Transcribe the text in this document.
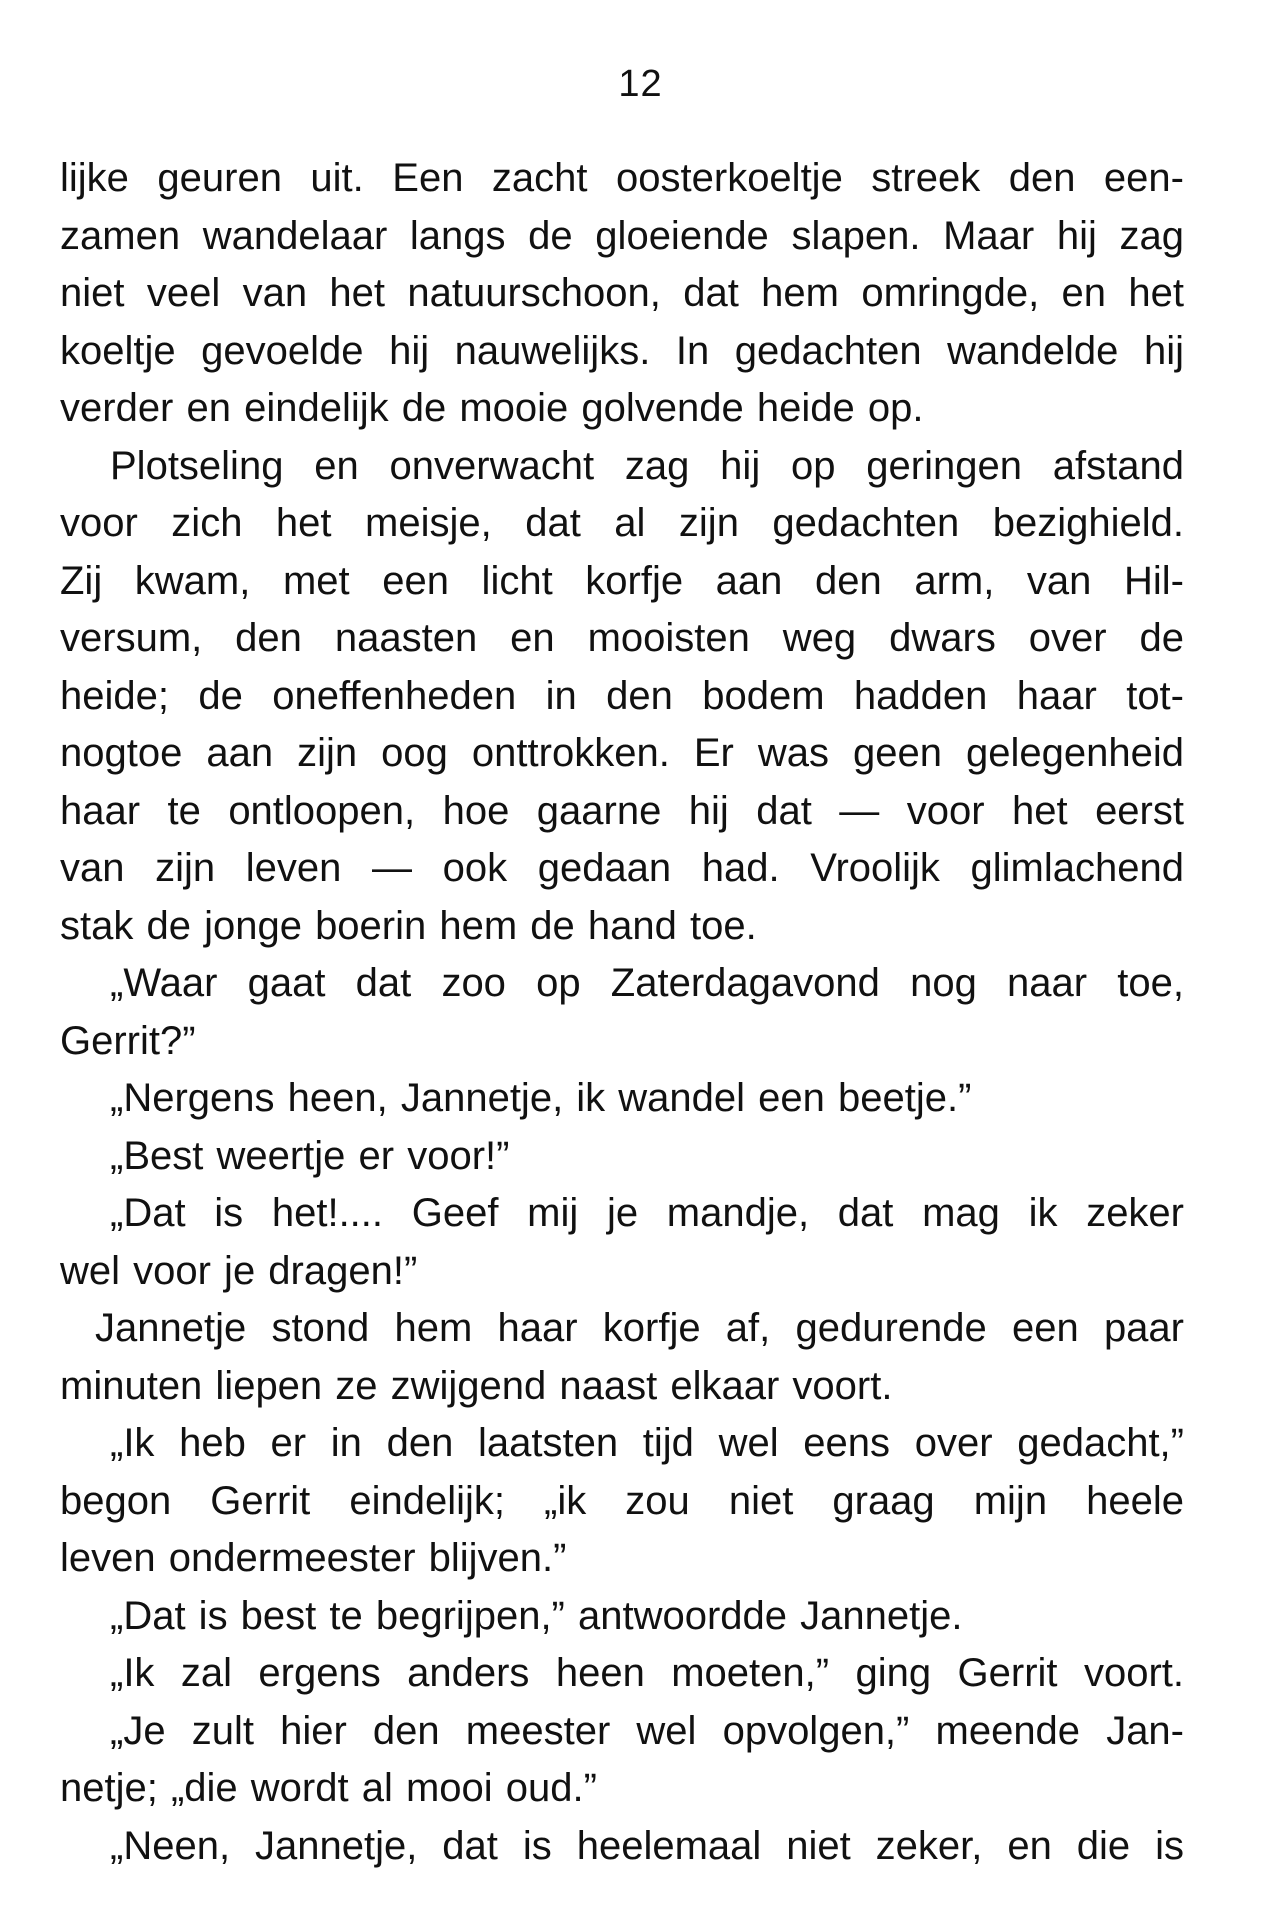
12
lijke geuren uit. Een zacht oosterkoeltje streek den een-
zamen wandelaar langs de gloeiende slapen. Maar hij zag
niet veel van het natuurschoon, dat hem omringde, en het
koeltje gevoelde hij nauwelijks. In gedachten wandelde hij
verder en eindelijk de mooie golvende heide op.
Plotseling en onverwacht zag hij op geringen afstand
voor zich het meisje, dat al zijn gedachten bezighield.
Zij kwam, met een licht korfje aan den arm, van Hil-
versum, den naasten en mooisten weg dwars over de
heide; de oneffenheden in den bodem hadden haar tot-
nogtoe aan zijn oog onttrokken. Er was geen gelegenheid
haar te ontloopen, hoe gaarne hij dat — voor het eerst
van zijn leven — ook gedaan had. Vroolijk glimlachend
stak de jonge boerin hem de hand toe.
„Waar gaat dat zoo op Zaterdagavond nog naar toe,
Gerrit?”
„Nergens heen, Jannetje, ik wandel een beetje.”
„Best weertje er voor!”
„Dat is het!.... Geef mij je mandje, dat mag ik zeker
wel voor je dragen!”
Jannetje stond hem haar korfje af, gedurende een paar
minuten liepen ze zwijgend naast elkaar voort.
„Ik heb er in den laatsten tijd wel eens over gedacht,”
begon Gerrit eindelijk; „ik zou niet graag mijn heele
leven ondermeester blijven.”
„Dat is best te begrijpen,” antwoordde Jannetje.
„Ik zal ergens anders heen moeten,” ging Gerrit voort.
„Je zult hier den meester wel opvolgen,” meende Jan-
netje; „die wordt al mooi oud.”
„Neen, Jannetje, dat is heelemaal niet zeker, en die is
